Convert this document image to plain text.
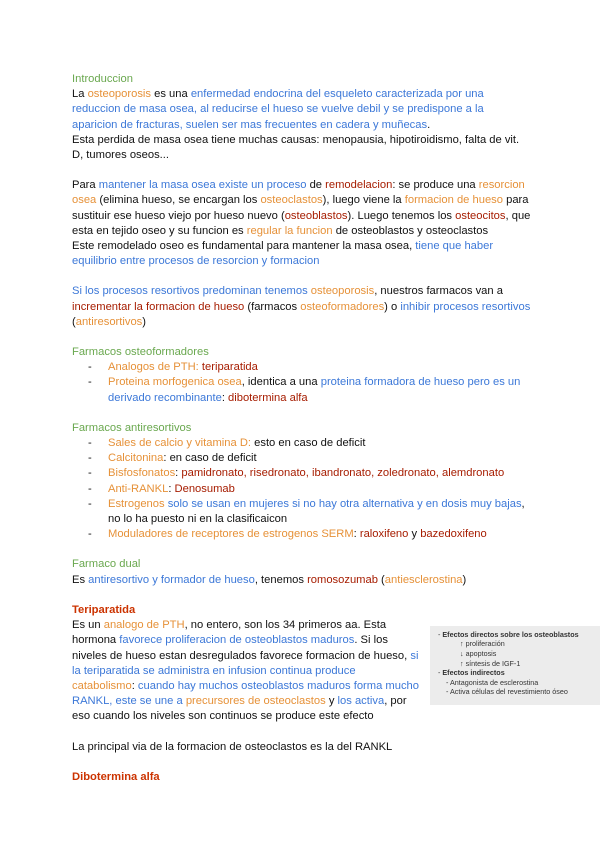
Introduccion

La osteoporosis es una enfermedad endocrina del esqueleto caracterizada por una reduccion de masa osea, al reducirse el hueso se vuelve debil y se predispone a la aparicion de fracturas, suelen ser mas frecuentes en cadera y muñecas.

Esta perdida de masa osea tiene muchas causas: menopausia, hipotiroidismo, falta de vit. D, tumores oseos...

Para mantener la masa osea existe un proceso de remodelacion: se produce una resorcion osea (elimina hueso, se encargan los osteoclastos), luego viene la formacion de hueso para sustituir ese hueso viejo por hueso nuevo (osteoblastos). Luego tenemos los osteocitos, que esta en tejido oseo y su funcion es regular la funcion de osteoblastos y osteoclastos

Este remodelado oseo es fundamental para mantener la masa osea, tiene que haber equilibrio entre procesos de resorcion y formacion

Si los procesos resortivos predominan tenemos osteoporosis, nuestros farmacos van a incrementar la formacion de hueso (farmacos osteoformadores) o inhibir procesos resortivos (antiresortivos)

Farmacos osteoformadores

- Analogos de PTH: teriparatida
- Proteina morfogenica osea, identica a una proteina formadora de hueso pero es un derivado recombinante: dibotermina alfa

Farmacos antiresortivos

- Sales de calcio y vitamina D: esto en caso de deficit
- Calcitonina: en caso de deficit
- Bisfosfonatos: pamidronato, risedronato, ibandronato, zoledronato, alemdronato
- Anti-RANKL: Denosumab
- Estrogenos solo se usan en mujeres si no hay otra alternativa y en dosis muy bajas, no lo ha puesto ni en la clasificaicon
- Moduladores de receptores de estrogenos SERM: raloxifeno y bazedoxifeno

Farmaco dual

Es antiresortivo y formador de hueso, tenemos romosozumab (antiesclerostina)

Teriparatida

Es un analogo de PTH, no entero, son los 34 primeros aa. Esta hormona favorece proliferacion de osteoblastos maduros. Si los niveles de hueso estan desregulados favorece formacion de hueso, si la teriparatida se administra en infusion continua produce catabolismo: cuando hay muchos osteoblastos maduros forma mucho RANKL, este se une a precursores de osteoclastos y los activa, por eso cuando los niveles son continuos se produce este efecto

- Efectos directos sobre los osteoblastos
↑ proliferación
↓ apoptosis
↑ síntesis de IGF-1
- Efectos indirectos
- Antagonista de esclerostina
- Activa células del revestimiento óseo

La principal via de la formacion de osteoclastos es la del RANKL

Dibotermina alfa
